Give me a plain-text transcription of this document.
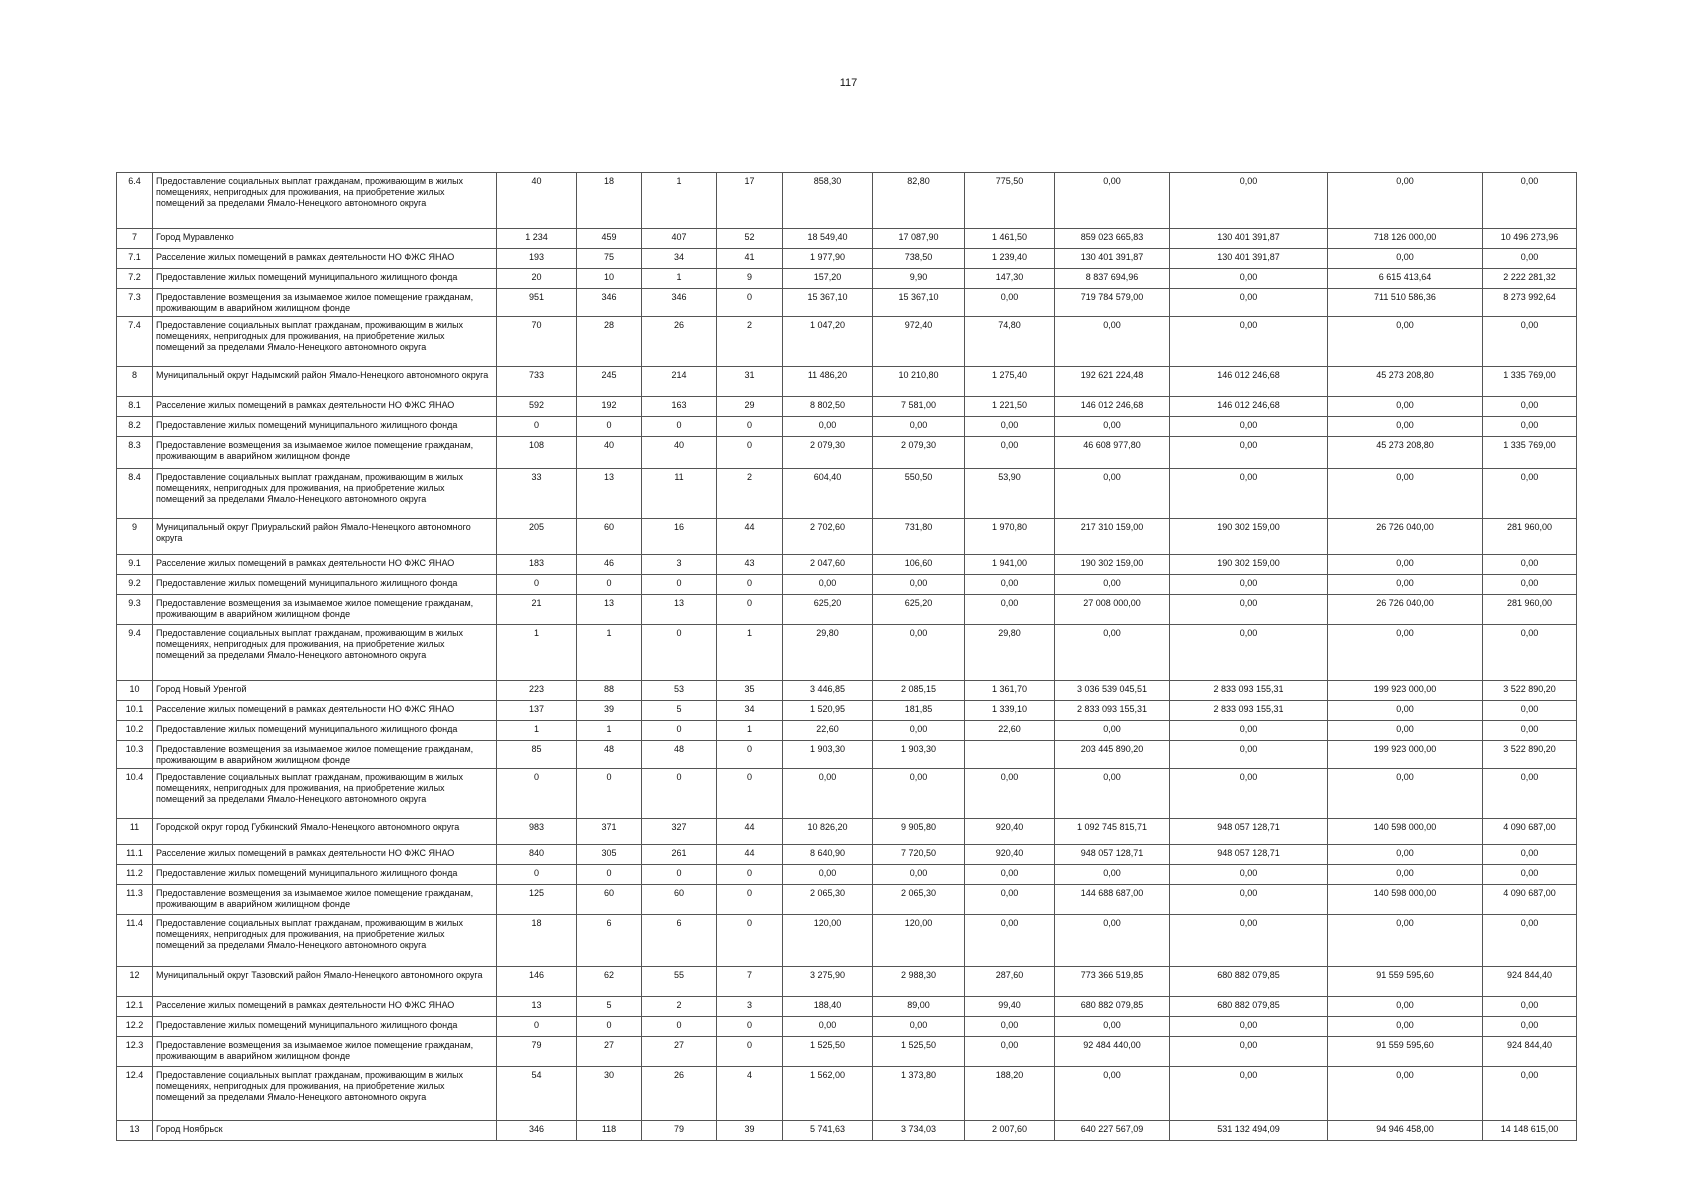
117
6.4	Предоставление социальных выплат гражданам, проживающим в жилых помещениях, непригодных для проживания, на приобретение жилых помещений за пределами Ямало-Ненецкого автономного округа	40	18	1	17	858,30	82,80	775,50	0,00	0,00	0,00	0,00
7	Город Муравленко	1 234	459	407	52	18 549,40	17 087,90	1 461,50	859 023 665,83	130 401 391,87	718 126 000,00	10 496 273,96
7.1	Расселение жилых помещений в рамках деятельности НО ФЖС ЯНАО	193	75	34	41	1 977,90	738,50	1 239,40	130 401 391,87	130 401 391,87	0,00	0,00
7.2	Предоставление жилых помещений муниципального жилищного фонда	20	10	1	9	157,20	9,90	147,30	8 837 694,96	0,00	6 615 413,64	2 222 281,32
7.3	Предоставление возмещения за изымаемое жилое помещение гражданам, проживающим в аварийном жилищном фонде	951	346	346	0	15 367,10	15 367,10	0,00	719 784 579,00	0,00	711 510 586,36	8 273 992,64
7.4	Предоставление социальных выплат гражданам, проживающим в жилых помещениях, непригодных для проживания, на приобретение жилых помещений за пределами Ямало-Ненецкого автономного округа	70	28	26	2	1 047,20	972,40	74,80	0,00	0,00	0,00	0,00
8	Муниципальный округ Надымский район Ямало-Ненецкого автономного округа	733	245	214	31	11 486,20	10 210,80	1 275,40	192 621 224,48	146 012 246,68	45 273 208,80	1 335 769,00
8.1	Расселение жилых помещений в рамках деятельности НО ФЖС ЯНАО	592	192	163	29	8 802,50	7 581,00	1 221,50	146 012 246,68	146 012 246,68	0,00	0,00
8.2	Предоставление жилых помещений муниципального жилищного фонда	0	0	0	0	0,00	0,00	0,00	0,00	0,00	0,00	0,00
8.3	Предоставление возмещения за изымаемое жилое помещение гражданам, проживающим в аварийном жилищном фонде	108	40	40	0	2 079,30	2 079,30	0,00	46 608 977,80	0,00	45 273 208,80	1 335 769,00
8.4	Предоставление социальных выплат гражданам, проживающим в жилых помещениях, непригодных для проживания, на приобретение жилых помещений за пределами Ямало-Ненецкого автономного округа	33	13	11	2	604,40	550,50	53,90	0,00	0,00	0,00	0,00
9	Муниципальный округ Приуральский район Ямало-Ненецкого автономного округа	205	60	16	44	2 702,60	731,80	1 970,80	217 310 159,00	190 302 159,00	26 726 040,00	281 960,00
9.1	Расселение жилых помещений в рамках деятельности НО ФЖС ЯНАО	183	46	3	43	2 047,60	106,60	1 941,00	190 302 159,00	190 302 159,00	0,00	0,00
9.2	Предоставление жилых помещений муниципального жилищного фонда	0	0	0	0	0,00	0,00	0,00	0,00	0,00	0,00	0,00
9.3	Предоставление возмещения за изымаемое жилое помещение гражданам, проживающим в аварийном жилищном фонде	21	13	13	0	625,20	625,20	0,00	27 008 000,00	0,00	26 726 040,00	281 960,00
9.4	Предоставление социальных выплат гражданам, проживающим в жилых помещениях, непригодных для проживания, на приобретение жилых помещений за пределами Ямало-Ненецкого автономного округа	1	1	0	1	29,80	0,00	29,80	0,00	0,00	0,00	0,00
10	Город Новый Уренгой	223	88	53	35	3 446,85	2 085,15	1 361,70	3 036 539 045,51	2 833 093 155,31	199 923 000,00	3 522 890,20
10.1	Расселение жилых помещений в рамках деятельности НО ФЖС ЯНАО	137	39	5	34	1 520,95	181,85	1 339,10	2 833 093 155,31	2 833 093 155,31	0,00	0,00
10.2	Предоставление жилых помещений муниципального жилищного фонда	1	1	0	1	22,60	0,00	22,60	0,00	0,00	0,00	0,00
10.3	Предоставление возмещения за изымаемое жилое помещение гражданам, проживающим в аварийном жилищном фонде	85	48	48	0	1 903,30	1 903,30		203 445 890,20	0,00	199 923 000,00	3 522 890,20
10.4	Предоставление социальных выплат гражданам, проживающим в жилых помещениях, непригодных для проживания, на приобретение жилых помещений за пределами Ямало-Ненецкого автономного округа	0	0	0	0	0,00	0,00	0,00	0,00	0,00	0,00	0,00
11	Городской округ город Губкинский Ямало-Ненецкого автономного округа	983	371	327	44	10 826,20	9 905,80	920,40	1 092 745 815,71	948 057 128,71	140 598 000,00	4 090 687,00
11.1	Расселение жилых помещений в рамках деятельности НО ФЖС ЯНАО	840	305	261	44	8 640,90	7 720,50	920,40	948 057 128,71	948 057 128,71	0,00	0,00
11.2	Предоставление жилых помещений муниципального жилищного фонда	0	0	0	0	0,00	0,00	0,00	0,00	0,00	0,00	0,00
11.3	Предоставление возмещения за изымаемое жилое помещение гражданам, проживающим в аварийном жилищном фонде	125	60	60	0	2 065,30	2 065,30	0,00	144 688 687,00	0,00	140 598 000,00	4 090 687,00
11.4	Предоставление социальных выплат гражданам, проживающим в жилых помещениях, непригодных для проживания, на приобретение жилых помещений за пределами Ямало-Ненецкого автономного округа	18	6	6	0	120,00	120,00	0,00	0,00	0,00	0,00	0,00
12	Муниципальный округ Тазовский район Ямало-Ненецкого автономного округа	146	62	55	7	3 275,90	2 988,30	287,60	773 366 519,85	680 882 079,85	91 559 595,60	924 844,40
12.1	Расселение жилых помещений в рамках деятельности НО ФЖС ЯНАО	13	5	2	3	188,40	89,00	99,40	680 882 079,85	680 882 079,85	0,00	0,00
12.2	Предоставление жилых помещений муниципального жилищного фонда	0	0	0	0	0,00	0,00	0,00	0,00	0,00	0,00	0,00
12.3	Предоставление возмещения за изымаемое жилое помещение гражданам, проживающим в аварийном жилищном фонде	79	27	27	0	1 525,50	1 525,50	0,00	92 484 440,00	0,00	91 559 595,60	924 844,40
12.4	Предоставление социальных выплат гражданам, проживающим в жилых помещениях, непригодных для проживания, на приобретение жилых помещений за пределами Ямало-Ненецкого автономного округа	54	30	26	4	1 562,00	1 373,80	188,20	0,00	0,00	0,00	0,00
13	Город Ноябрьск	346	118	79	39	5 741,63	3 734,03	2 007,60	640 227 567,09	531 132 494,09	94 946 458,00	14 148 615,00
